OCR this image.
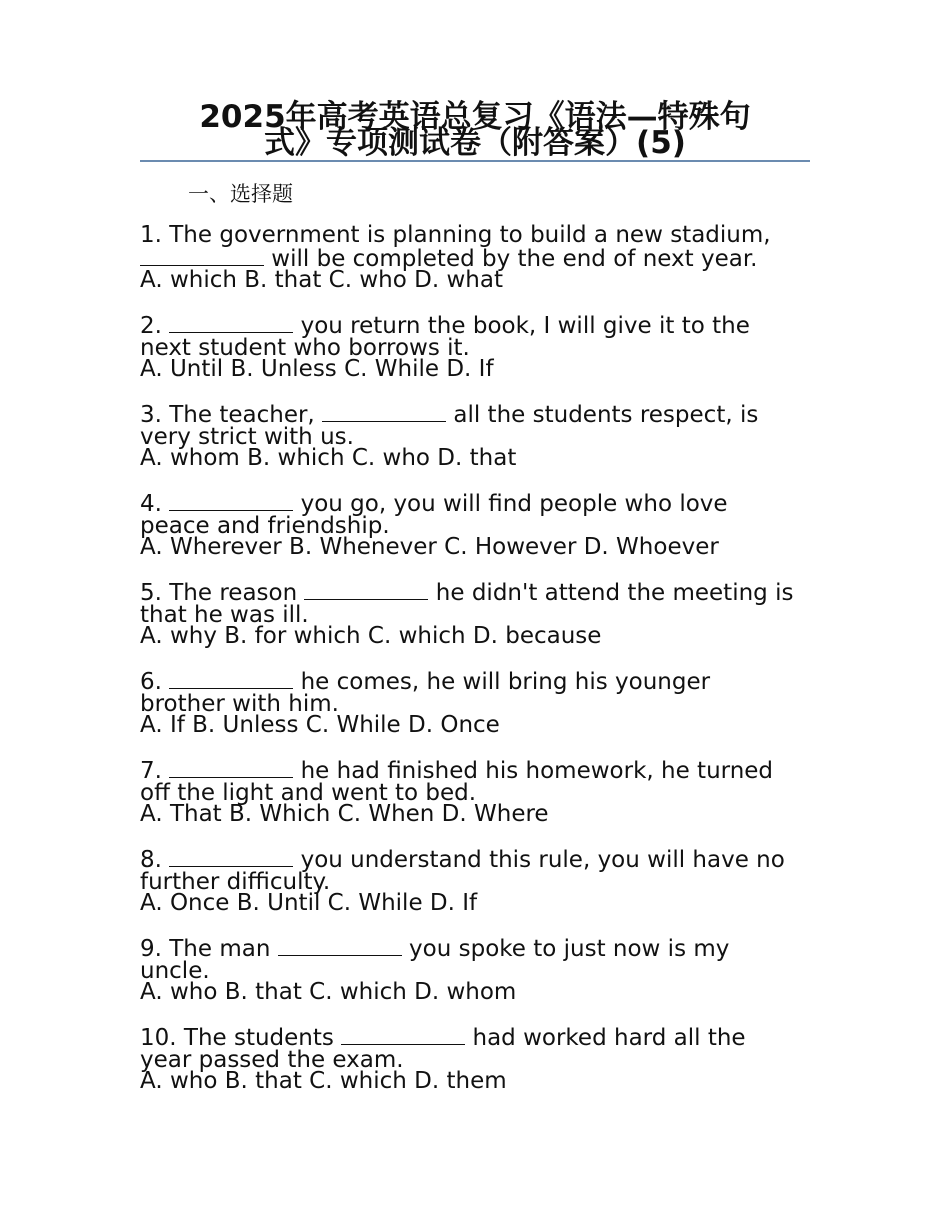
2025年高考英语总复习《语法—特殊句
式》专项测试卷（附答案）(5)
一、选择题
1. The government is planning to build a new stadium,
will be completed by the end of next year.
A. which B. that C. who D. what
2.	you return the book, I will give it to the
next student who borrows it.
A. Until B. Unless C. While D. If
3. The teacher,	all the students respect, is
very strict with us.
A. whom B. which C. who D. that
4.	you go, you will find people who love
peace and friendship.
A. Wherever B. Whenever C. However D. Whoever
5. The reason	he didn't attend the meeting is
that he was ill.
A. why B. for which C. which D. because
6.	he comes, he will bring his younger
brother with him.
A. If B. Unless C. While D. Once
7.	he had finished his homework, he turned
off the light and went to bed.
A. That B. Which C. When D. Where
8.	you understand this rule, you will have no
further difficulty.
A. Once B. Until C. While D. If
9. The man	you spoke to just now is my
uncle.
A. who B. that C. which D. whom
10. The students	had worked hard all the
year passed the exam.
A. who B. that C. which D. them
